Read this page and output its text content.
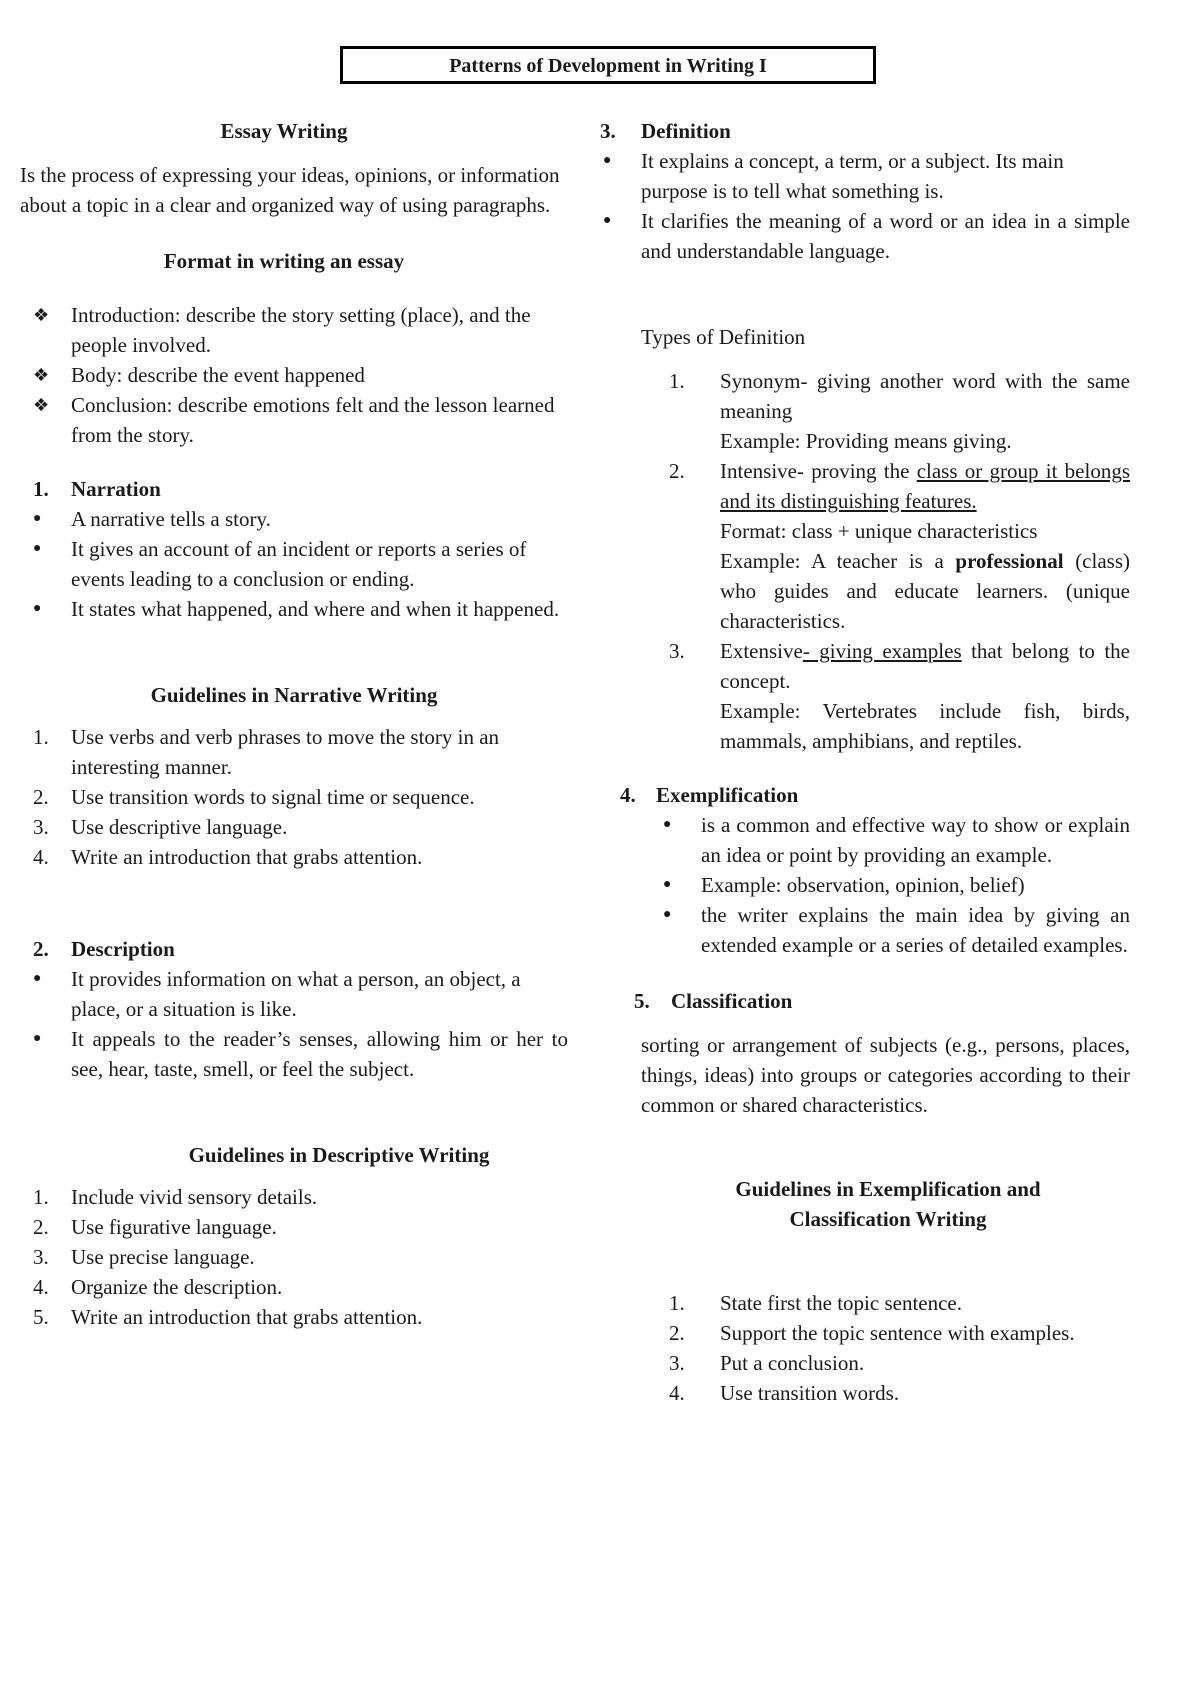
Patterns of Development in Writing I
Essay Writing
Is the process of expressing your ideas, opinions, or information about a topic in a clear and organized way of using paragraphs.
Format in writing an essay
❖ Introduction: describe the story setting (place), and the people involved.
❖ Body: describe the event happened
❖ Conclusion: describe emotions felt and the lesson learned from the story.
1. Narration
● A narrative tells a story.
● It gives an account of an incident or reports a series of events leading to a conclusion or ending.
● It states what happened, and where and when it happened.
Guidelines in Narrative Writing
1. Use verbs and verb phrases to move the story in an interesting manner.
2. Use transition words to signal time or sequence.
3. Use descriptive language.
4. Write an introduction that grabs attention.
2. Description
● It provides information on what a person, an object, a place, or a situation is like.
● It appeals to the reader’s senses, allowing him or her to see, hear, taste, smell, or feel the subject.
Guidelines in Descriptive Writing
1. Include vivid sensory details.
2. Use figurative language.
3. Use precise language.
4. Organize the description.
5. Write an introduction that grabs attention.
3. Definition
● It explains a concept, a term, or a subject. Its main purpose is to tell what something is.
● It clarifies the meaning of a word or an idea in a simple and understandable language.
Types of Definition
1. Synonym- giving another word with the same meaning
Example: Providing means giving.
2. Intensive- proving the class or group it belongs and its distinguishing features.
Format: class + unique characteristics
Example: A teacher is a professional (class) who guides and educate learners. (unique characteristics.
3. Extensive- giving examples that belong to the concept.
Example: Vertebrates include fish, birds, mammals, amphibians, and reptiles.
4. Exemplification
● is a common and effective way to show or explain an idea or point by providing an example.
● Example: observation, opinion, belief)
● the writer explains the main idea by giving an extended example or a series of detailed examples.
5. Classification
sorting or arrangement of subjects (e.g., persons, places, things, ideas) into groups or categories according to their common or shared characteristics.
Guidelines in Exemplification and
Classification Writing
1. State first the topic sentence.
2. Support the topic sentence with examples.
3. Put a conclusion.
4. Use transition words.
